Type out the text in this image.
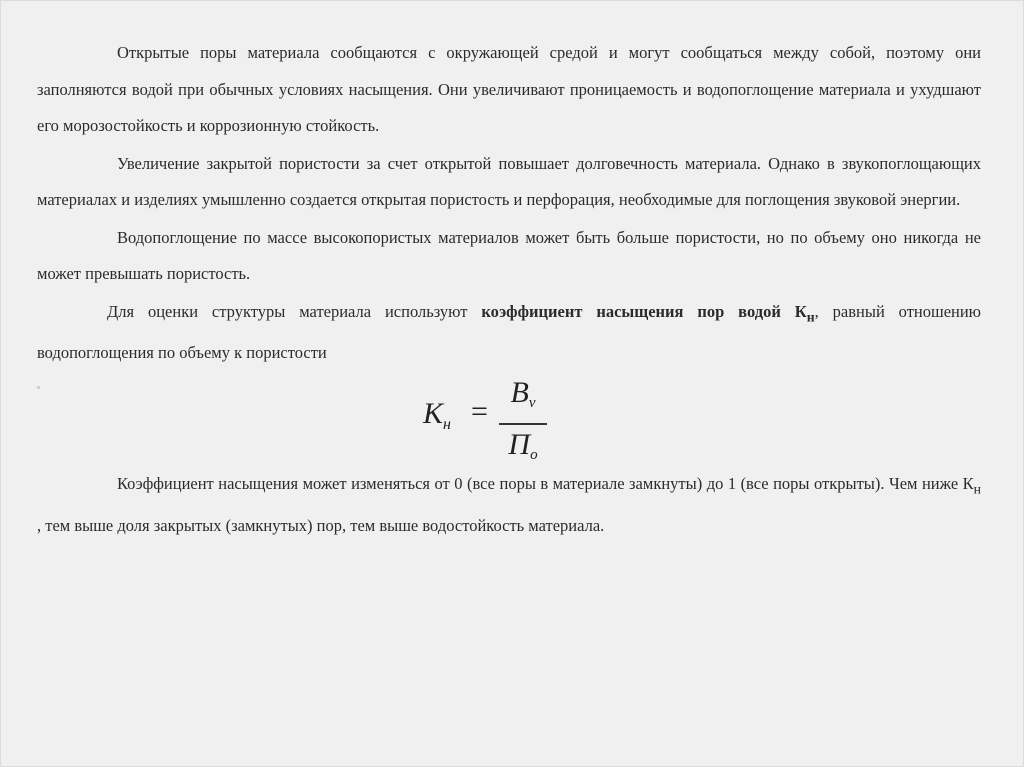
Открытые поры материала сообщаются с окружающей средой и могут сообщаться между собой, поэтому они заполняются водой при обычных условиях насыщения. Они увеличивают проницаемость и водопоглощение материала и ухудшают его морозостойкость и коррозионную стойкость.

Увеличение закрытой пористости за счет открытой повышает долговечность материала. Однако в звукопоглощающих материалах и изделиях умышленно создается открытая пористость и перфорация, необходимые для поглощения звуковой энергии.

Водопоглощение по массе высокопористых материалов может быть больше пористости, но по объему оно никогда не может превышать пористость.

Для оценки структуры материала используют коэффициент насыщения пор водой $К_н$, равный отношению водопоглощения по объему к пористости

$K_н$ =
$B_v$
$П_o$

Коэффициент насыщения может изменяться от 0 (все поры в материале замкнуты) до 1 (все поры открыты). Чем ниже $К_н$ , тем выше доля закрытых (замкнутых) пор, тем выше водостойкость материала.
